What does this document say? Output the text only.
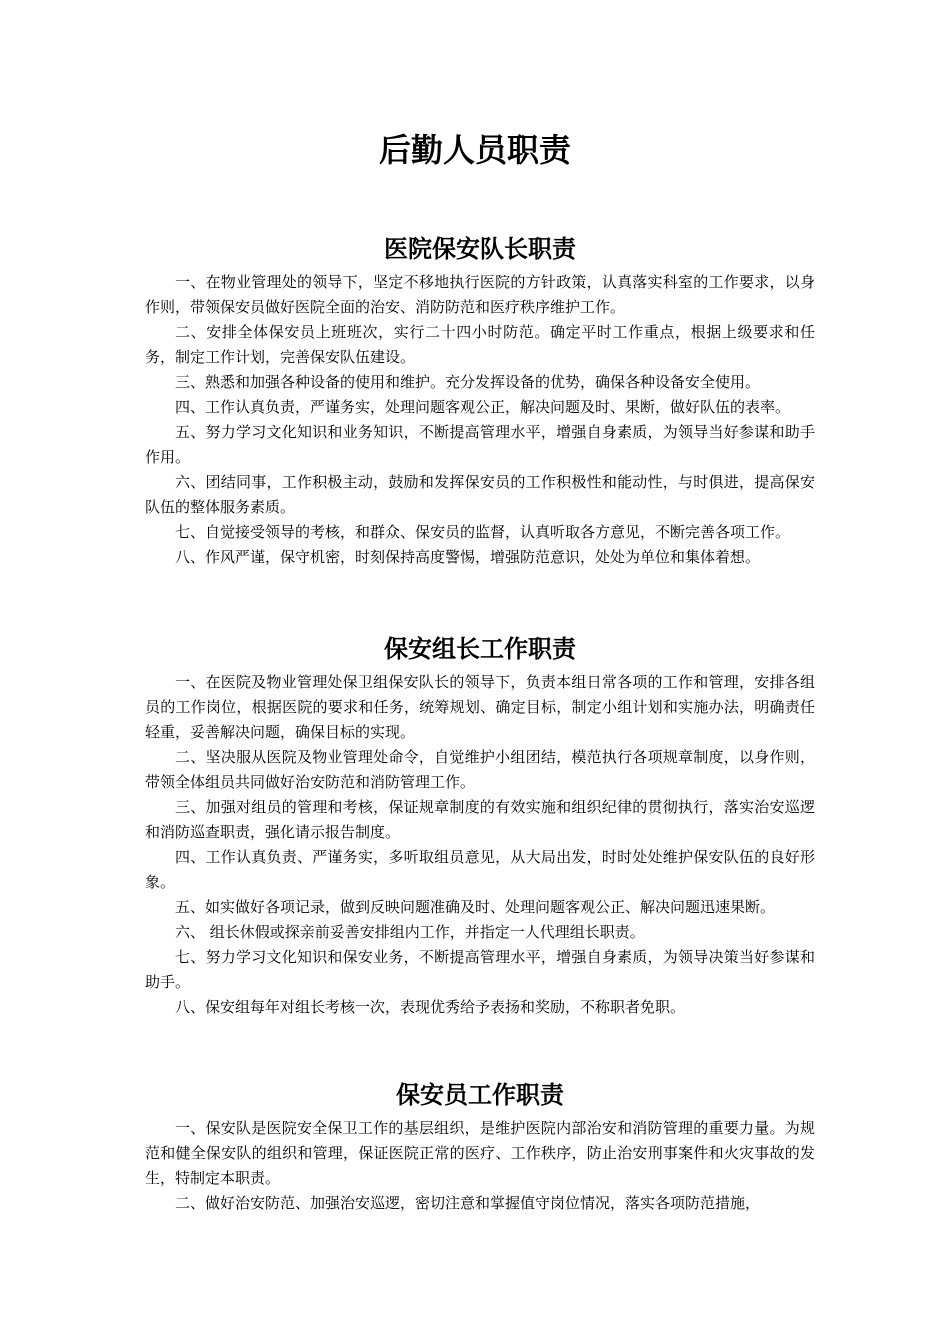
后勤人员职责
医院保安队长职责

一、在物业管理处的领导下，坚定不移地执行医院的方针政策，认真落实科室的工作要求，以身作则，带领保安员做好医院全面的治安、消防防范和医疗秩序维护工作。

二、安排全体保安员上班班次，实行二十四小时防范。确定平时工作重点，根据上级要求和任务，制定工作计划，完善保安队伍建设。

三、熟悉和加强各种设备的使用和维护。充分发挥设备的优势，确保各种设备安全使用。

四、工作认真负责，严谨务实，处理问题客观公正，解决问题及时、果断，做好队伍的表率。

五、努力学习文化知识和业务知识，不断提高管理水平，增强自身素质，为领导当好参谋和助手作用。

六、团结同事，工作积极主动，鼓励和发挥保安员的工作积极性和能动性，与时俱进，提高保安队伍的整体服务素质。

七、自觉接受领导的考核，和群众、保安员的监督，认真听取各方意见，不断完善各项工作。

八、作风严谨，保守机密，时刻保持高度警惕，增强防范意识，处处为单位和集体着想。

保安组长工作职责

一、在医院及物业管理处保卫组保安队长的领导下，负责本组日常各项的工作和管理，安排各组员的工作岗位，根据医院的要求和任务，统筹规划、确定目标，制定小组计划和实施办法，明确责任轻重，妥善解决问题，确保目标的实现。

二、坚决服从医院及物业管理处命令，自觉维护小组团结，模范执行各项规章制度，以身作则，带领全体组员共同做好治安防范和消防管理工作。

三、加强对组员的管理和考核，保证规章制度的有效实施和组织纪律的贯彻执行，落实治安巡逻和消防巡查职责，强化请示报告制度。

四、工作认真负责、严谨务实，多听取组员意见，从大局出发，时时处处维护保安队伍的良好形象。

五、如实做好各项记录，做到反映问题准确及时、处理问题客观公正、解决问题迅速果断。

六、 组长休假或探亲前妥善安排组内工作，并指定一人代理组长职责。

七、努力学习文化知识和保安业务，不断提高管理水平，增强自身素质，为领导决策当好参谋和助手。

八、保安组每年对组长考核一次，表现优秀给予表扬和奖励，不称职者免职。

保安员工作职责

一、保安队是医院安全保卫工作的基层组织，是维护医院内部治安和消防管理的重要力量。为规范和健全保安队的组织和管理，保证医院正常的医疗、工作秩序，防止治安刑事案件和火灾事故的发生，特制定本职责。

二、做好治安防范、加强治安巡逻，密切注意和掌握值守岗位情况，落实各项防范措施，
